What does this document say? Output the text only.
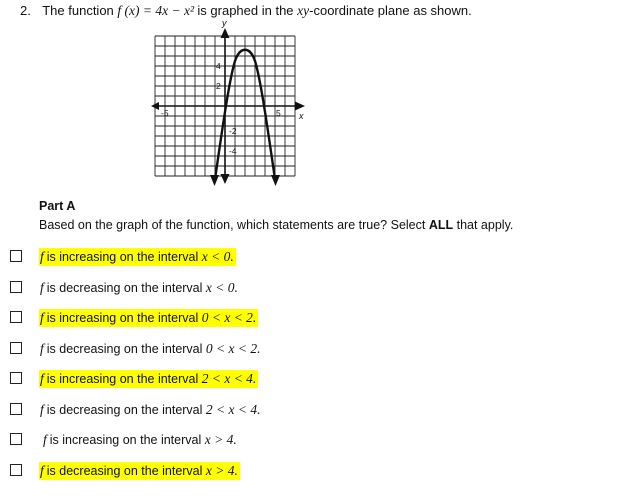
2. The function f (x) = 4x − x² is graphed in the xy-coordinate plane as shown.
y
x
4
2
-2
-4
-5	5
Part A
Based on the graph of the function, which statements are true? Select ALL that apply.
f is increasing on the interval x < 0.
f is decreasing on the interval x < 0.
f is increasing on the interval 0 < x < 2.
f is decreasing on the interval 0 < x < 2.
f is increasing on the interval 2 < x < 4.
f is decreasing on the interval 2 < x < 4.
f is increasing on the interval x > 4.
f is decreasing on the interval x > 4.
